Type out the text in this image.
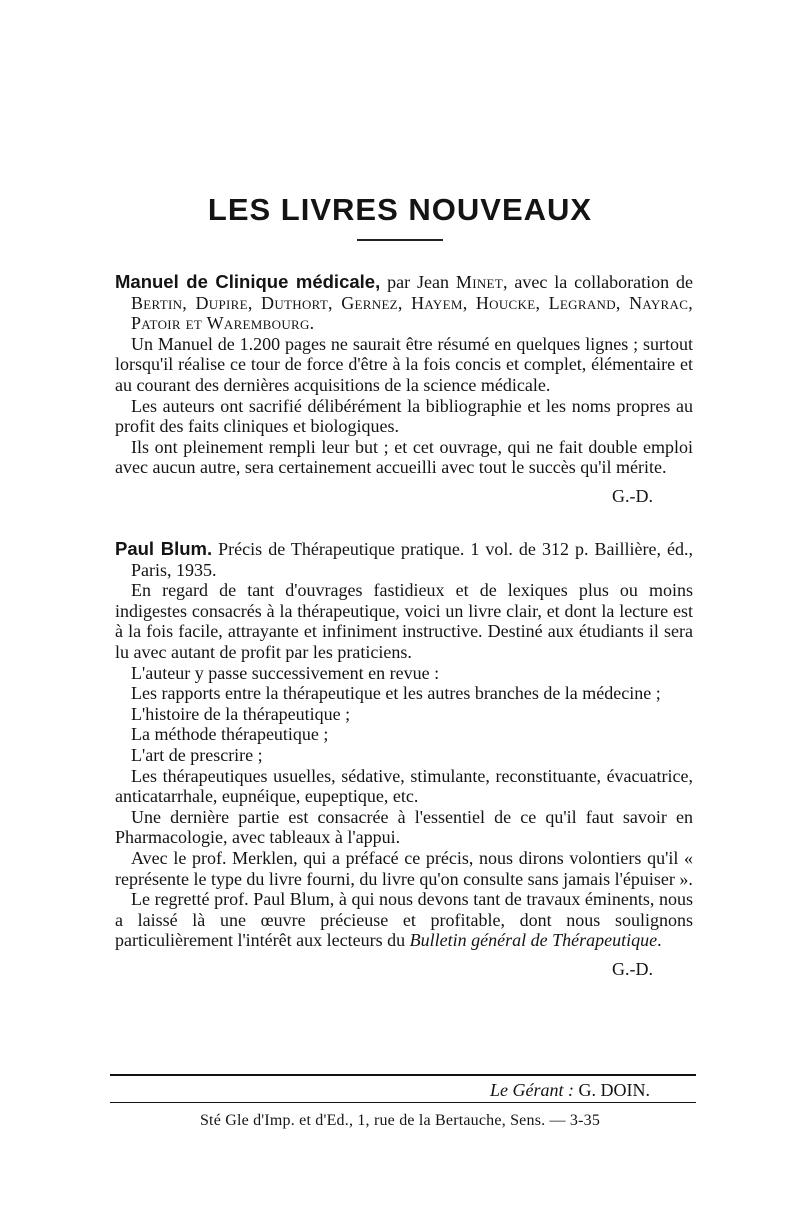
LES LIVRES NOUVEAUX

Manuel de Clinique médicale, par Jean Minet, avec la collaboration de Bertin, Dupire, Duthort, Gernez, Hayem, Houcke, Legrand, Nayrac, Patoir et Warembourg.

Un Manuel de 1.200 pages ne saurait être résumé en quelques lignes ; surtout lorsqu'il réalise ce tour de force d'être à la fois concis et complet, élémentaire et au courant des dernières acquisitions de la science médicale.

Les auteurs ont sacrifié délibérément la bibliographie et les noms propres au profit des faits cliniques et biologiques.

Ils ont pleinement rempli leur but ; et cet ouvrage, qui ne fait double emploi avec aucun autre, sera certainement accueilli avec tout le succès qu'il mérite.

G.-D.

Paul Blum. Précis de Thérapeutique pratique. 1 vol. de 312 p. Baillière, éd., Paris, 1935.

En regard de tant d'ouvrages fastidieux et de lexiques plus ou moins indigestes consacrés à la thérapeutique, voici un livre clair, et dont la lecture est à la fois facile, attrayante et infiniment instructive. Destiné aux étudiants il sera lu avec autant de profit par les praticiens.

L'auteur y passe successivement en revue :

Les rapports entre la thérapeutique et les autres branches de la médecine ;

L'histoire de la thérapeutique ;

La méthode thérapeutique ;

L'art de prescrire ;

Les thérapeutiques usuelles, sédative, stimulante, reconstituante, évacuatrice, anticatarrhale, eupnéique, eupeptique, etc.

Une dernière partie est consacrée à l'essentiel de ce qu'il faut savoir en Pharmacologie, avec tableaux à l'appui.

Avec le prof. Merklen, qui a préfacé ce précis, nous dirons volontiers qu'il « représente le type du livre fourni, du livre qu'on consulte sans jamais l'épuiser ».

Le regretté prof. Paul Blum, à qui nous devons tant de travaux éminents, nous a laissé là une œuvre précieuse et profitable, dont nous soulignons particulièrement l'intérêt aux lecteurs du Bulletin général de Thérapeutique.

G.-D.

Le Gérant : G. DOIN.
Sté Gle d'Imp. et d'Ed., 1, rue de la Bertauche, Sens. — 3-35
